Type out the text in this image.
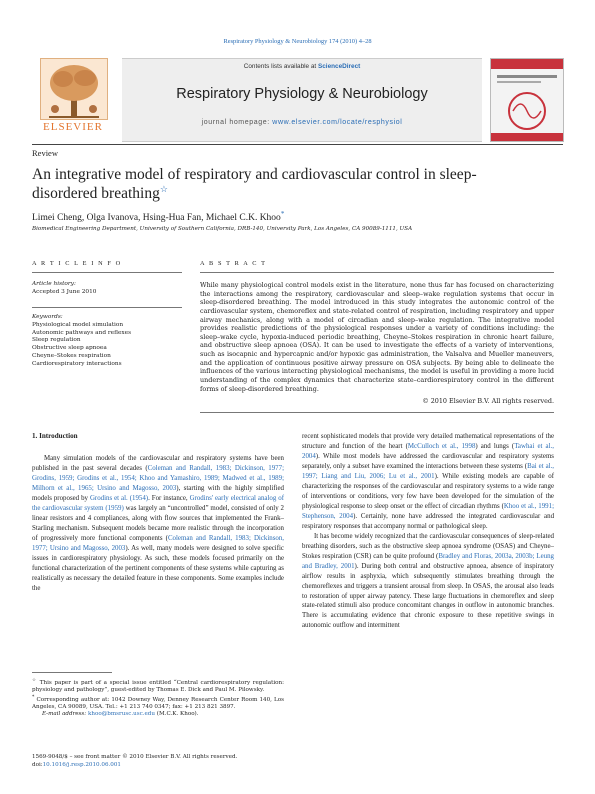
Respiratory Physiology & Neurobiology 174 (2010) 4–28
ELSEVIER
Contents lists available at ScienceDirect
Respiratory Physiology & Neurobiology
journal homepage: www.elsevier.com/locate/resphysiol
Review
An integrative model of respiratory and cardiovascular control in sleep-disordered breathing☆
Limei Cheng, Olga Ivanova, Hsing-Hua Fan, Michael C.K. Khoo*
Biomedical Engineering Department, University of Southern California, DRB-140, University Park, Los Angeles, CA 90089-1111, USA
A R T I C L E I N F O
Article history:
Accepted 3 June 2010
Keywords:
Physiological model simulation
Autonomic pathways and reflexes
Sleep regulation
Obstructive sleep apnoea
Cheyne–Stokes respiration
Cardiorespiratory interactions
A B S T R A C T
While many physiological control models exist in the literature, none thus far has focused on characterizing the interactions among the respiratory, cardiovascular and sleep–wake regulation systems that occur in sleep-disordered breathing. The model introduced in this study integrates the autonomic control of the cardiovascular system, chemoreflex and state-related control of respiration, including respiratory and upper airway mechanics, along with a model of circadian and sleep–wake regulation. The integrative model provides realistic predictions of the physiological responses under a variety of conditions including: the sleep–wake cycle, hypoxia-induced periodic breathing, Cheyne–Stokes respiration in chronic heart failure, and obstructive sleep apnoea (OSA). It can be used to investigate the effects of a variety of interventions, such as isocapnic and hypercapnic and/or hypoxic gas administration, the Valsalva and Mueller maneuvers, and the application of continuous positive airway pressure on OSA subjects. By being able to delineate the influences of the various interacting physiological mechanisms, the model is useful in providing a more lucid understanding of the complex dynamics that characterize state–cardiorespiratory control in the different forms of sleep-disordered breathing.
© 2010 Elsevier B.V. All rights reserved.
1. Introduction

Many simulation models of the cardiovascular and respiratory systems have been published in the past several decades (Coleman and Randall, 1983; Dickinson, 1977; Grodins, 1959; Grodins et al., 1954; Khoo and Yamashiro, 1989; Madwed et al., 1989; Milhorn et al., 1965; Ursino and Magosso, 2003), starting with the highly simplified models proposed by Grodins et al. (1954). For instance, Grodins' early electrical analog of the cardiovascular system (1959) was largely an “uncontrolled” model, consisted of only 2 linear resistors and 4 compliances, along with flow sources that implemented the Frank–Starling mechanism. Subsequent models became more realistic through the incorporation of progressively more functional components (Coleman and Randall, 1983; Dickinson, 1977; Ursino and Magosso, 2003). As well, many models were designed to solve specific issues in cardiorespiratory physiology. As such, these models focused primarily on the functional characterization of the pertinent components of these systems while capturing as realistically as necessary the detailed feature in these components. Some examples include the

recent sophisticated models that provide very detailed mathematical representations of the structure and function of the heart (McCulloch et al., 1998) and lungs (Tawhai et al., 2004). While most models have addressed the cardiovascular and respiratory systems separately, only a subset have examined the interactions between these systems (Bai et al., 1997; Liang and Liu, 2006; Lu et al., 2001). While existing models are capable of characterizing the responses of the cardiovascular and respiratory systems to a wide range of interventions or conditions, very few have been developed for the simulation of the physiological response to sleep onset or the effect of circadian rhythms (Khoo et al., 1991; Stephenson, 2004). Certainly, none have addressed the integrated cardiovascular and respiratory responses that accompany normal or pathological sleep.

It has become widely recognized that the cardiovascular consequences of sleep-related breathing disorders, such as the obstructive sleep apnoea syndrome (OSAS) and Cheyne–Stokes respiration (CSR) can be quite profound (Bradley and Floras, 2003a, 2003b; Leung and Bradley, 2001). During both central and obstructive apnoea, absence of inspiratory airflow results in asphyxia, which subsequently stimulates breathing through the chemoreflexes and triggers a transient arousal from sleep. In OSAS, the arousal also leads to restoration of upper airway patency. These large fluctuations in chemoreflex and sleep state-related stimuli also produce concomitant changes in outflow in autonomic branches. There is accumulating evidence that chronic exposure to these repetitive swings in autonomic outflow and intermittent

☆ This paper is part of a special issue entitled “Central cardiorespiratory regulation: physiology and pathology”, guest-edited by Thomas E. Dick and Paul M. Pilowsky.
* Corresponding author at: 1042 Downey Way, Denney Research Center Room 140, Los Angeles, CA 90089, USA. Tel.: +1 213 740 0347; fax: +1 213 821 3897.
E-mail address: khoo@bmsrusc.usc.edu (M.C.K. Khoo).
1569-9048/$ – see front matter © 2010 Elsevier B.V. All rights reserved.
doi:10.1016/j.resp.2010.06.001
